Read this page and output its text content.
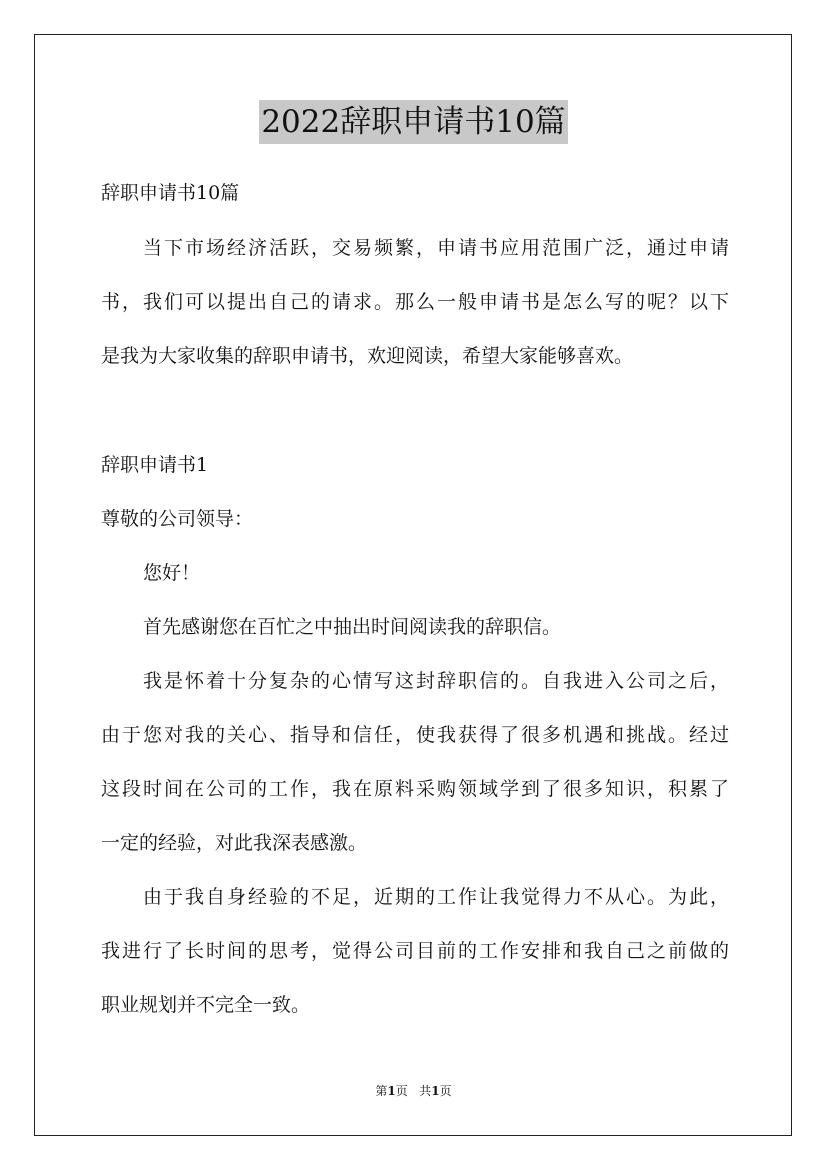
2022辞职申请书10篇
辞职申请书10篇
当下市场经济活跃，交易频繁，申请书应用范围广泛，通过申请
书，我们可以提出自己的请求。那么一般申请书是怎么写的呢？以下
是我为大家收集的辞职申请书，欢迎阅读，希望大家能够喜欢。
辞职申请书1
尊敬的公司领导：
您好！
首先感谢您在百忙之中抽出时间阅读我的辞职信。
我是怀着十分复杂的心情写这封辞职信的。自我进入公司之后，
由于您对我的关心、指导和信任，使我获得了很多机遇和挑战。经过
这段时间在公司的工作，我在原料采购领域学到了很多知识，积累了
一定的经验，对此我深表感激。
由于我自身经验的不足，近期的工作让我觉得力不从心。为此，
我进行了长时间的思考，觉得公司目前的工作安排和我自己之前做的
职业规划并不完全一致。
第1页 共1页
